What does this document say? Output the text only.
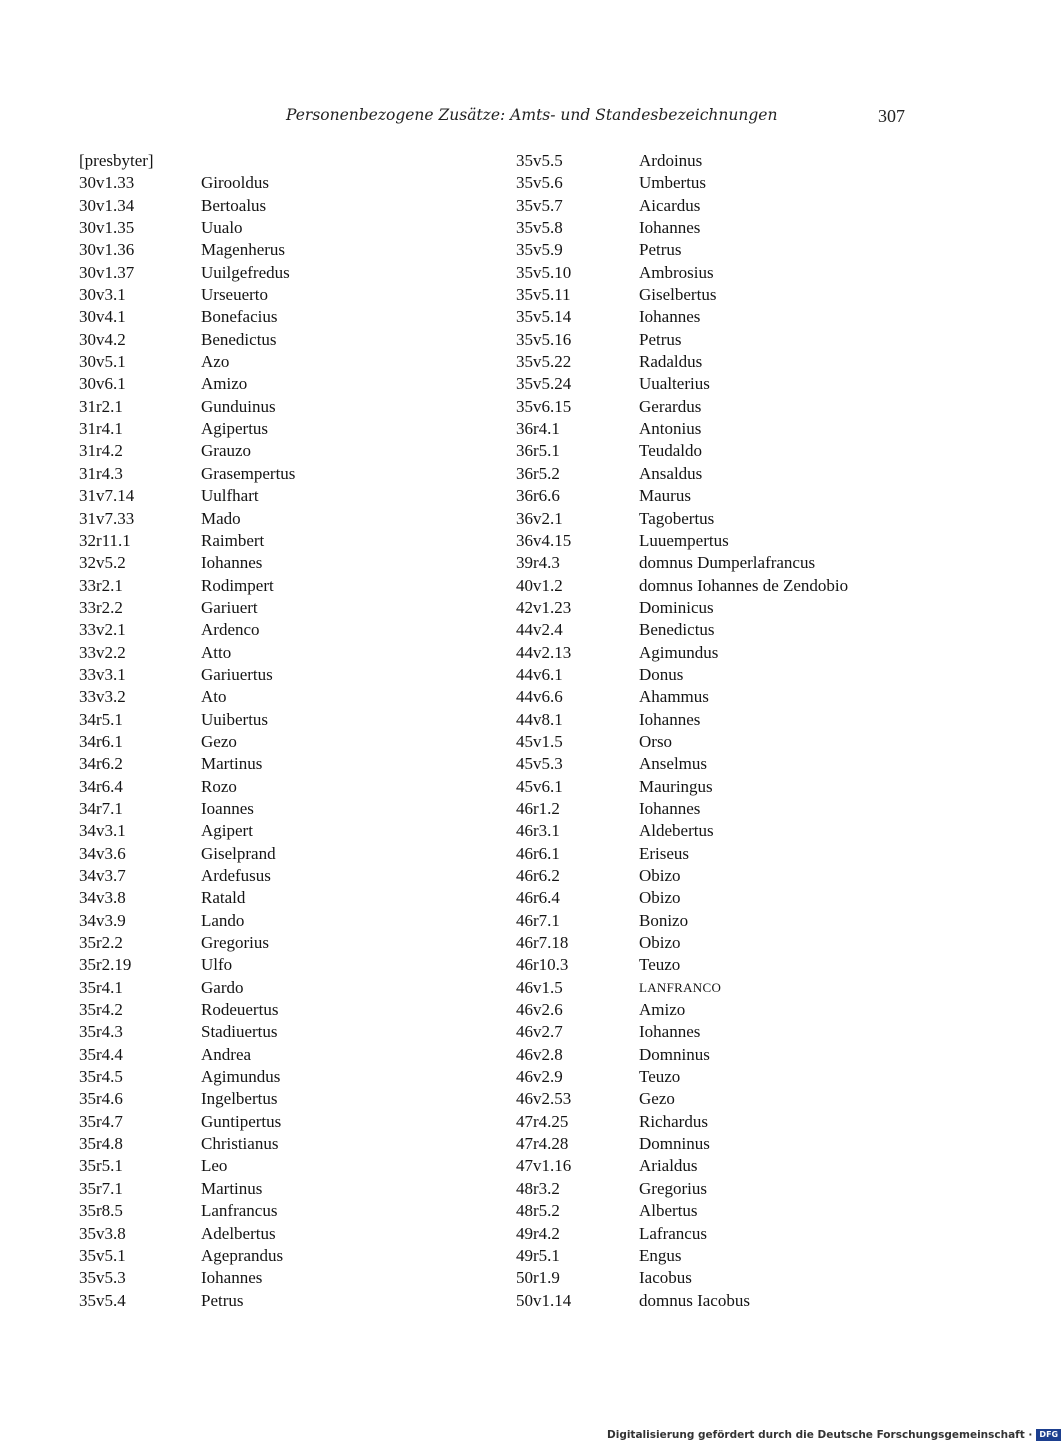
Personenbezogene Zusätze: Amts- und Standesbezeichnungen	307
[presbyter]
30v1.33	Girooldus
30v1.34	Bertoalus
30v1.35	Uualo
30v1.36	Magenherus
30v1.37	Uuilgefredus
30v3.1	Urseuerto
30v4.1	Bonefacius
30v4.2	Benedictus
30v5.1	Azo
30v6.1	Amizo
31r2.1	Gunduinus
31r4.1	Agipertus
31r4.2	Grauzo
31r4.3	Grasempertus
31v7.14	Uulfhart
31v7.33	Mado
32r11.1	Raimbert
32v5.2	Iohannes
33r2.1	Rodimpert
33r2.2	Gariuert
33v2.1	Ardenco
33v2.2	Atto
33v3.1	Gariuertus
33v3.2	Ato
34r5.1	Uuibertus
34r6.1	Gezo
34r6.2	Martinus
34r6.4	Rozo
34r7.1	Ioannes
34v3.1	Agipert
34v3.6	Giselprand
34v3.7	Ardefusus
34v3.8	Ratald
34v3.9	Lando
35r2.2	Gregorius
35r2.19	Ulfo
35r4.1	Gardo
35r4.2	Rodeuertus
35r4.3	Stadiuertus
35r4.4	Andrea
35r4.5	Agimundus
35r4.6	Ingelbertus
35r4.7	Guntipertus
35r4.8	Christianus
35r5.1	Leo
35r7.1	Martinus
35r8.5	Lanfrancus
35v3.8	Adelbertus
35v5.1	Ageprandus
35v5.3	Iohannes
35v5.4	Petrus
35v5.5	Ardoinus
35v5.6	Umbertus
35v5.7	Aicardus
35v5.8	Iohannes
35v5.9	Petrus
35v5.10	Ambrosius
35v5.11	Giselbertus
35v5.14	Iohannes
35v5.16	Petrus
35v5.22	Radaldus
35v5.24	Uualterius
35v6.15	Gerardus
36r4.1	Antonius
36r5.1	Teudaldo
36r5.2	Ansaldus
36r6.6	Maurus
36v2.1	Tagobertus
36v4.15	Luuempertus
39r4.3	domnus Dumperlafrancus
40v1.2	domnus Iohannes de Zendobio
42v1.23	Dominicus
44v2.4	Benedictus
44v2.13	Agimundus
44v6.1	Donus
44v6.6	Ahammus
44v8.1	Iohannes
45v1.5	Orso
45v5.3	Anselmus
45v6.1	Mauringus
46r1.2	Iohannes
46r3.1	Aldebertus
46r6.1	Eriseus
46r6.2	Obizo
46r6.4	Obizo
46r7.1	Bonizo
46r7.18	Obizo
46r10.3	Teuzo
46v1.5	LANFRANCO
46v2.6	Amizo
46v2.7	Iohannes
46v2.8	Domninus
46v2.9	Teuzo
46v2.53	Gezo
47r4.25	Richardus
47r4.28	Domninus
47v1.16	Arialdus
48r3.2	Gregorius
48r5.2	Albertus
49r4.2	Lafrancus
49r5.1	Engus
50r1.9	Iacobus
50v1.14	domnus Iacobus
Digitalisierung gefördert durch die Deutsche Forschungsgemeinschaft · DFG
